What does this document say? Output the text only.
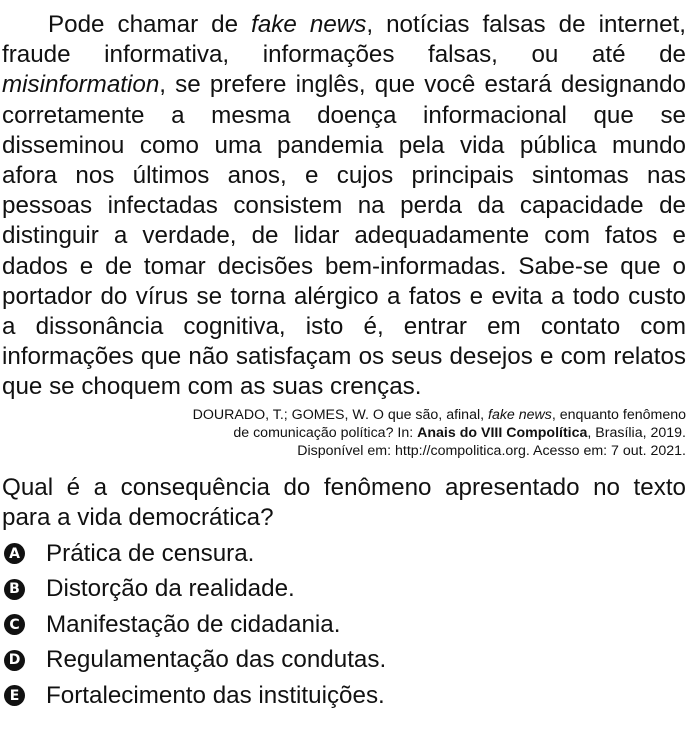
Pode chamar de fake news, notícias falsas de internet, fraude informativa, informações falsas, ou até de misinformation, se prefere inglês, que você estará designando corretamente a mesma doença informacional que se disseminou como uma pandemia pela vida pública mundo afora nos últimos anos, e cujos principais sintomas nas pessoas infectadas consistem na perda da capacidade de distinguir a verdade, de lidar adequadamente com fatos e dados e de tomar decisões bem-informadas. Sabe-se que o portador do vírus se torna alérgico a fatos e evita a todo custo a dissonância cognitiva, isto é, entrar em contato com informações que não satisfaçam os seus desejos e com relatos que se choquem com as suas crenças.

DOURADO, T.; GOMES, W. O que são, afinal, fake news, enquanto fenômeno
de comunicação política? In: Anais do VIII Compolítica, Brasília, 2019.
Disponível em: http://compolitica.org. Acesso em: 7 out. 2021.

Qual é a consequência do fenômeno apresentado no texto para a vida democrática?

A Prática de censura.
B Distorção da realidade.
C Manifestação de cidadania.
D Regulamentação das condutas.
E Fortalecimento das instituições.
